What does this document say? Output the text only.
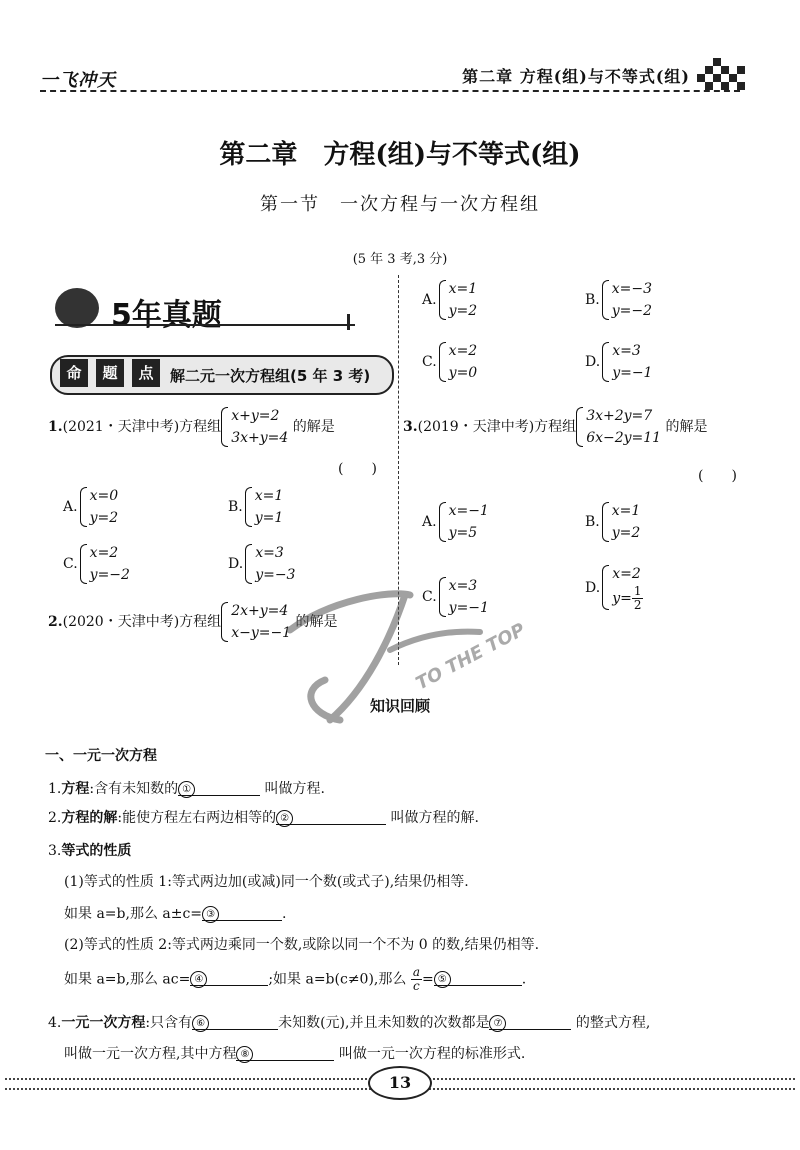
一飞冲天	第二章 方程(组)与不等式(组)
第二章　方程(组)与不等式(组)
第一节　一次方程与一次方程组
(5 年 3 考,3 分)
5年真题
命	题	点	解二元一次方程组(5 年 3 考)
1.(2021・天津中考)方程组
x+y=2
3x+y=4
的解是
(　　)
A.
x=0
y=2
B.
x=1
y=1
C.
x=2
y=−2
D.
x=3
y=−3
2.(2020・天津中考)方程组
2x+y=4
x−y=−1
的解是
A.
x=1
y=2
B.
x=−3
y=−2
C.
x=2
y=0
D.
x=3
y=−1
3.(2019・天津中考)方程组
3x+2y=7
6x−2y=11
的解是
(　　)
A.
x=−1
y=5
B.
x=1
y=2
C.
x=3
y=−1
D.
x=2
$y= \frac{1}{2}$
TO THE TOP
知识回顾
一、一元一次方程
1.方程:含有未知数的 ①	叫做方程.
2.方程的解:能使方程左右两边相等的 ②	叫做方程的解.
3.等式的性质
(1)等式的性质 1:等式两边加(或减)同一个数(或式子),结果仍相等.
如果 a=b,那么 a±c= ③	.
(2)等式的性质 2:等式两边乘同一个数,或除以同一个不为 0 的数,结果仍相等.
如果 a=b,那么 ac= ④	;如果 a=b(c≠0),那么 $\frac{a}{c}$ = ⑤	.
4.一元一次方程:只含有 ⑥	未知数(元),并且未知数的次数都是 ⑦	的整式方程,
叫做一元一次方程,其中方程 ⑧	叫做一元一次方程的标准形式.
13
